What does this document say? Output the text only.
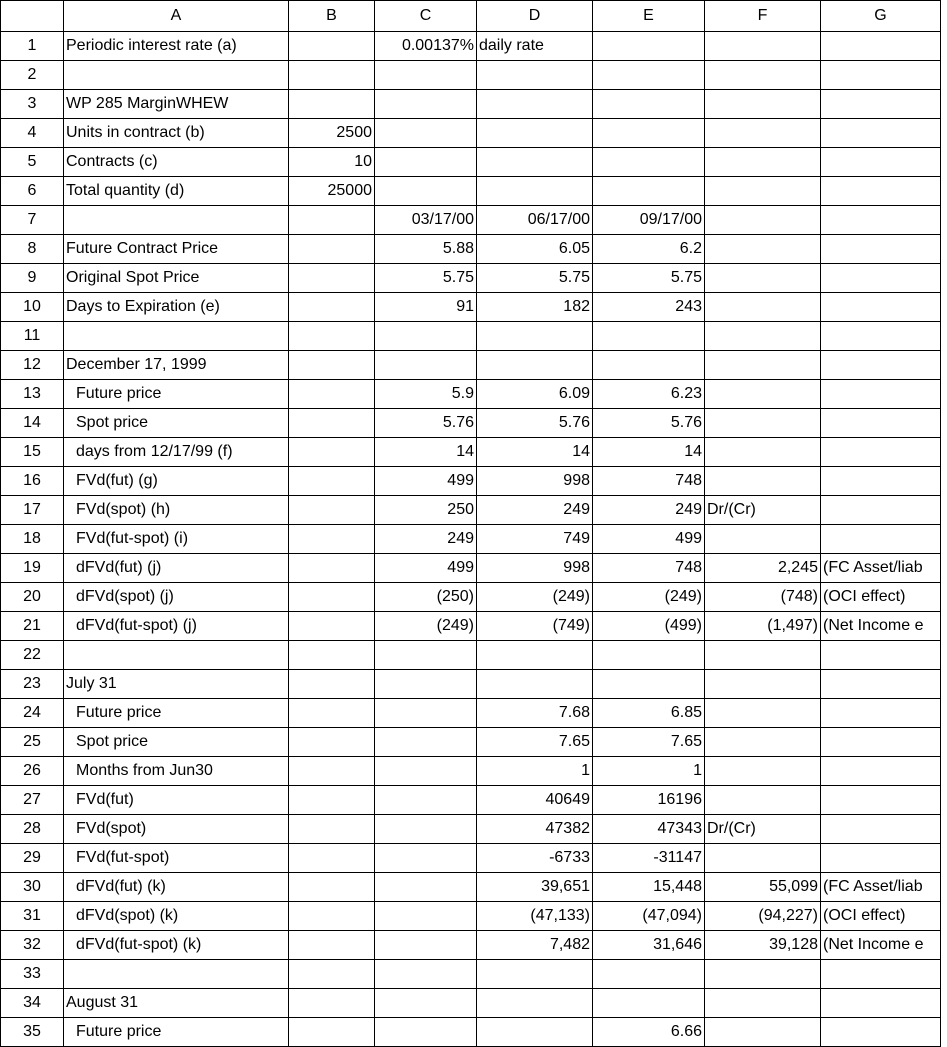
	A	B	C	D	E	F	G
1	Periodic interest rate (a)		0.00137%	daily rate			
2							
3	WP 285 MarginWHEW						
4	Units in contract (b)	2500					
5	Contracts (c)	10					
6	Total quantity (d)	25000					
7			03/17/00	06/17/00	09/17/00		
8	Future Contract Price		5.88	6.05	6.2		
9	Original Spot Price		5.75	5.75	5.75		
10	Days to Expiration (e)		91	182	243		
11							
12	December 17, 1999						
13	Future price		5.9	6.09	6.23		
14	Spot price		5.76	5.76	5.76		
15	days from 12/17/99 (f)		14	14	14		
16	FVd(fut) (g)		499	998	748		
17	FVd(spot) (h)		250	249	249	Dr/(Cr)	
18	FVd(fut-spot) (i)		249	749	499		
19	dFVd(fut) (j)		499	998	748	2,245	(FC Asset/liab
20	dFVd(spot) (j)		(250)	(249)	(249)	(748)	(OCI effect)
21	dFVd(fut-spot) (j)		(249)	(749)	(499)	(1,497)	(Net Income e
22							
23	July 31						
24	Future price			7.68	6.85		
25	Spot price			7.65	7.65		
26	Months from Jun30			1	1		
27	FVd(fut)			40649	16196		
28	FVd(spot)			47382	47343	Dr/(Cr)	
29	FVd(fut-spot)			-6733	-31147		
30	dFVd(fut) (k)			39,651	15,448	55,099	(FC Asset/liab
31	dFVd(spot) (k)			(47,133)	(47,094)	(94,227)	(OCI effect)
32	dFVd(fut-spot) (k)			7,482	31,646	39,128	(Net Income e
33							
34	August 31						
35	Future price				6.66		
